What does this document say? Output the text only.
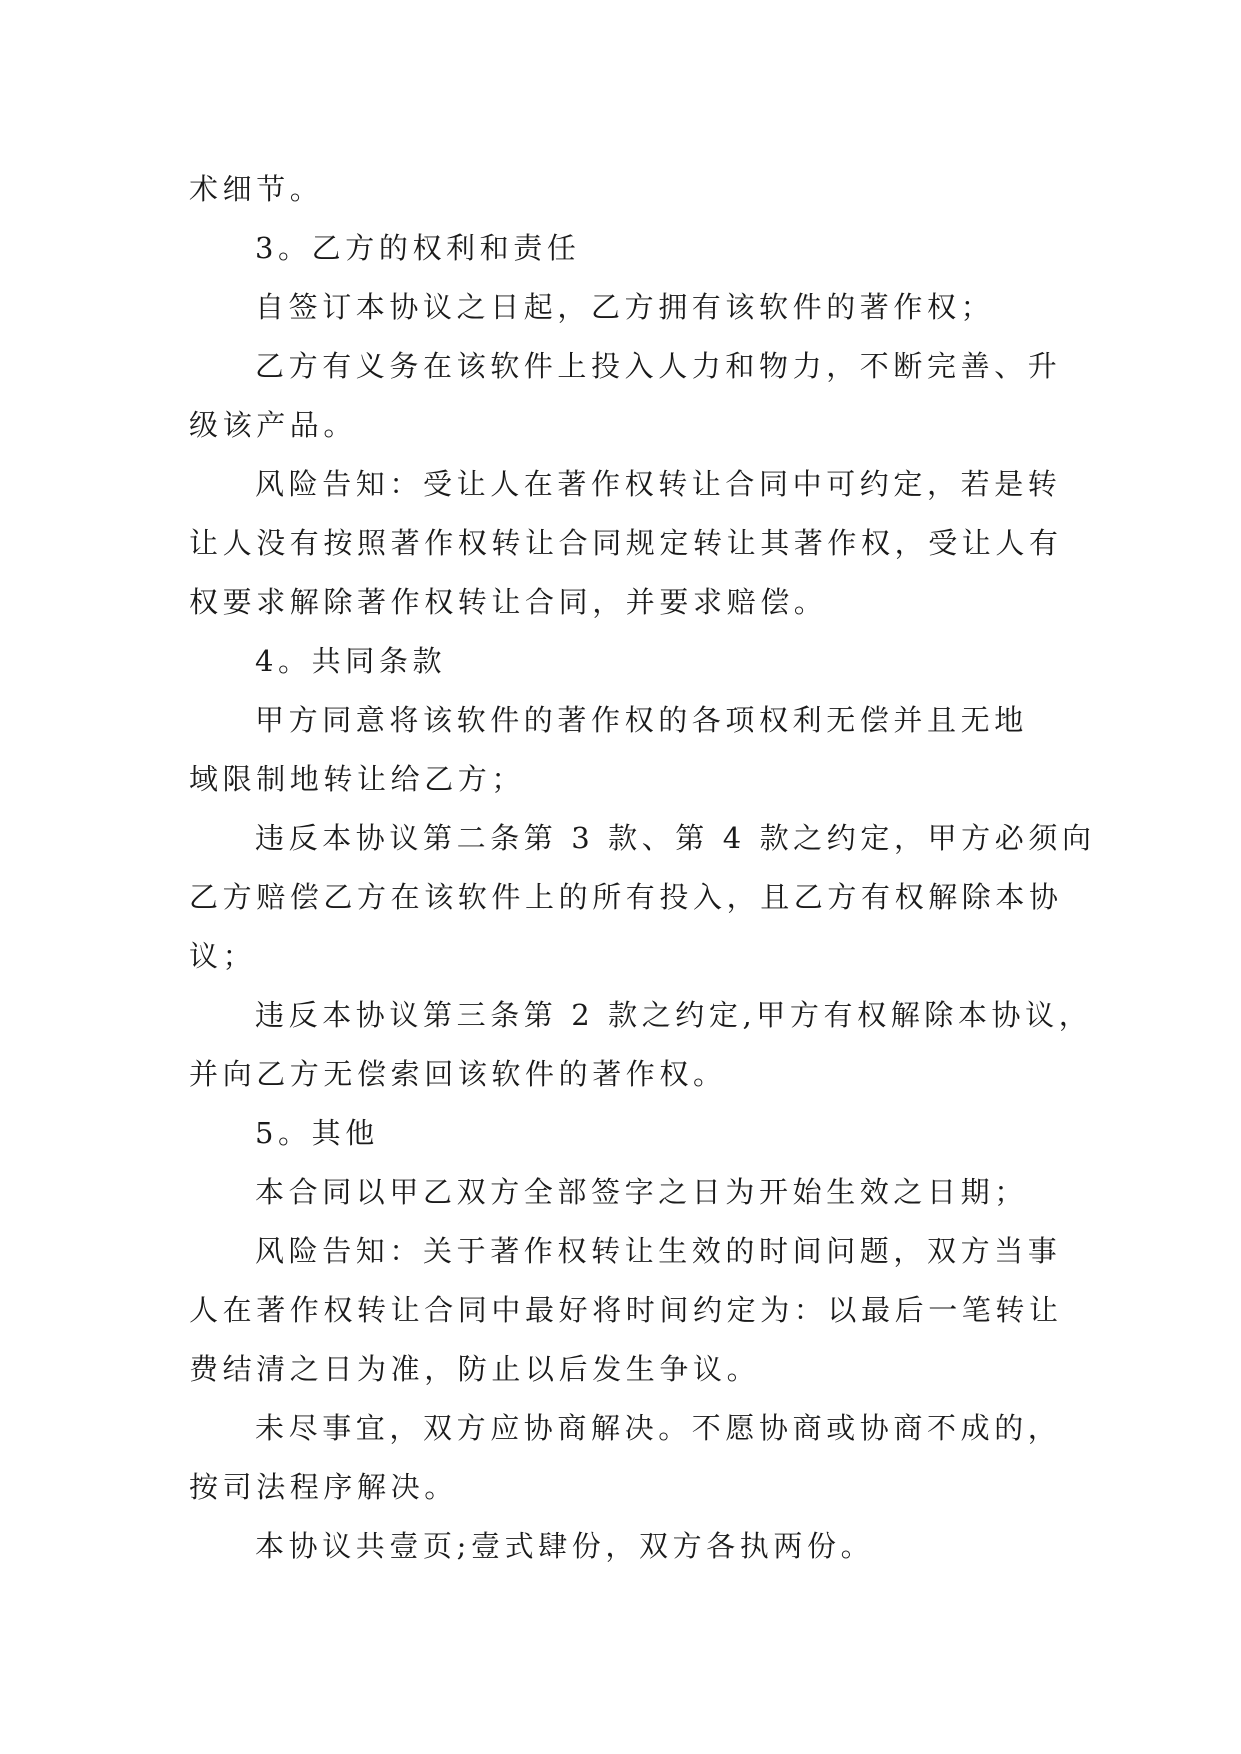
术细节。
3。乙方的权利和责任
自签订本协议之日起，乙方拥有该软件的著作权；
乙方有义务在该软件上投入人力和物力，不断完善、升
级该产品。
风险告知：受让人在著作权转让合同中可约定，若是转
让人没有按照著作权转让合同规定转让其著作权，受让人有
权要求解除著作权转让合同，并要求赔偿。
4。共同条款
甲方同意将该软件的著作权的各项权利无偿并且无地
域限制地转让给乙方；
违反本协议第二条第 3 款、第 4 款之约定，甲方必须向
乙方赔偿乙方在该软件上的所有投入，且乙方有权解除本协
议；
违反本协议第三条第 2 款之约定,甲方有权解除本协议，
并向乙方无偿索回该软件的著作权。
5。其他
本合同以甲乙双方全部签字之日为开始生效之日期；
风险告知：关于著作权转让生效的时间问题，双方当事
人在著作权转让合同中最好将时间约定为：以最后一笔转让
费结清之日为准，防止以后发生争议。
未尽事宜，双方应协商解决。不愿协商或协商不成的，
按司法程序解决。
本协议共壹页;壹式肆份，双方各执两份。
